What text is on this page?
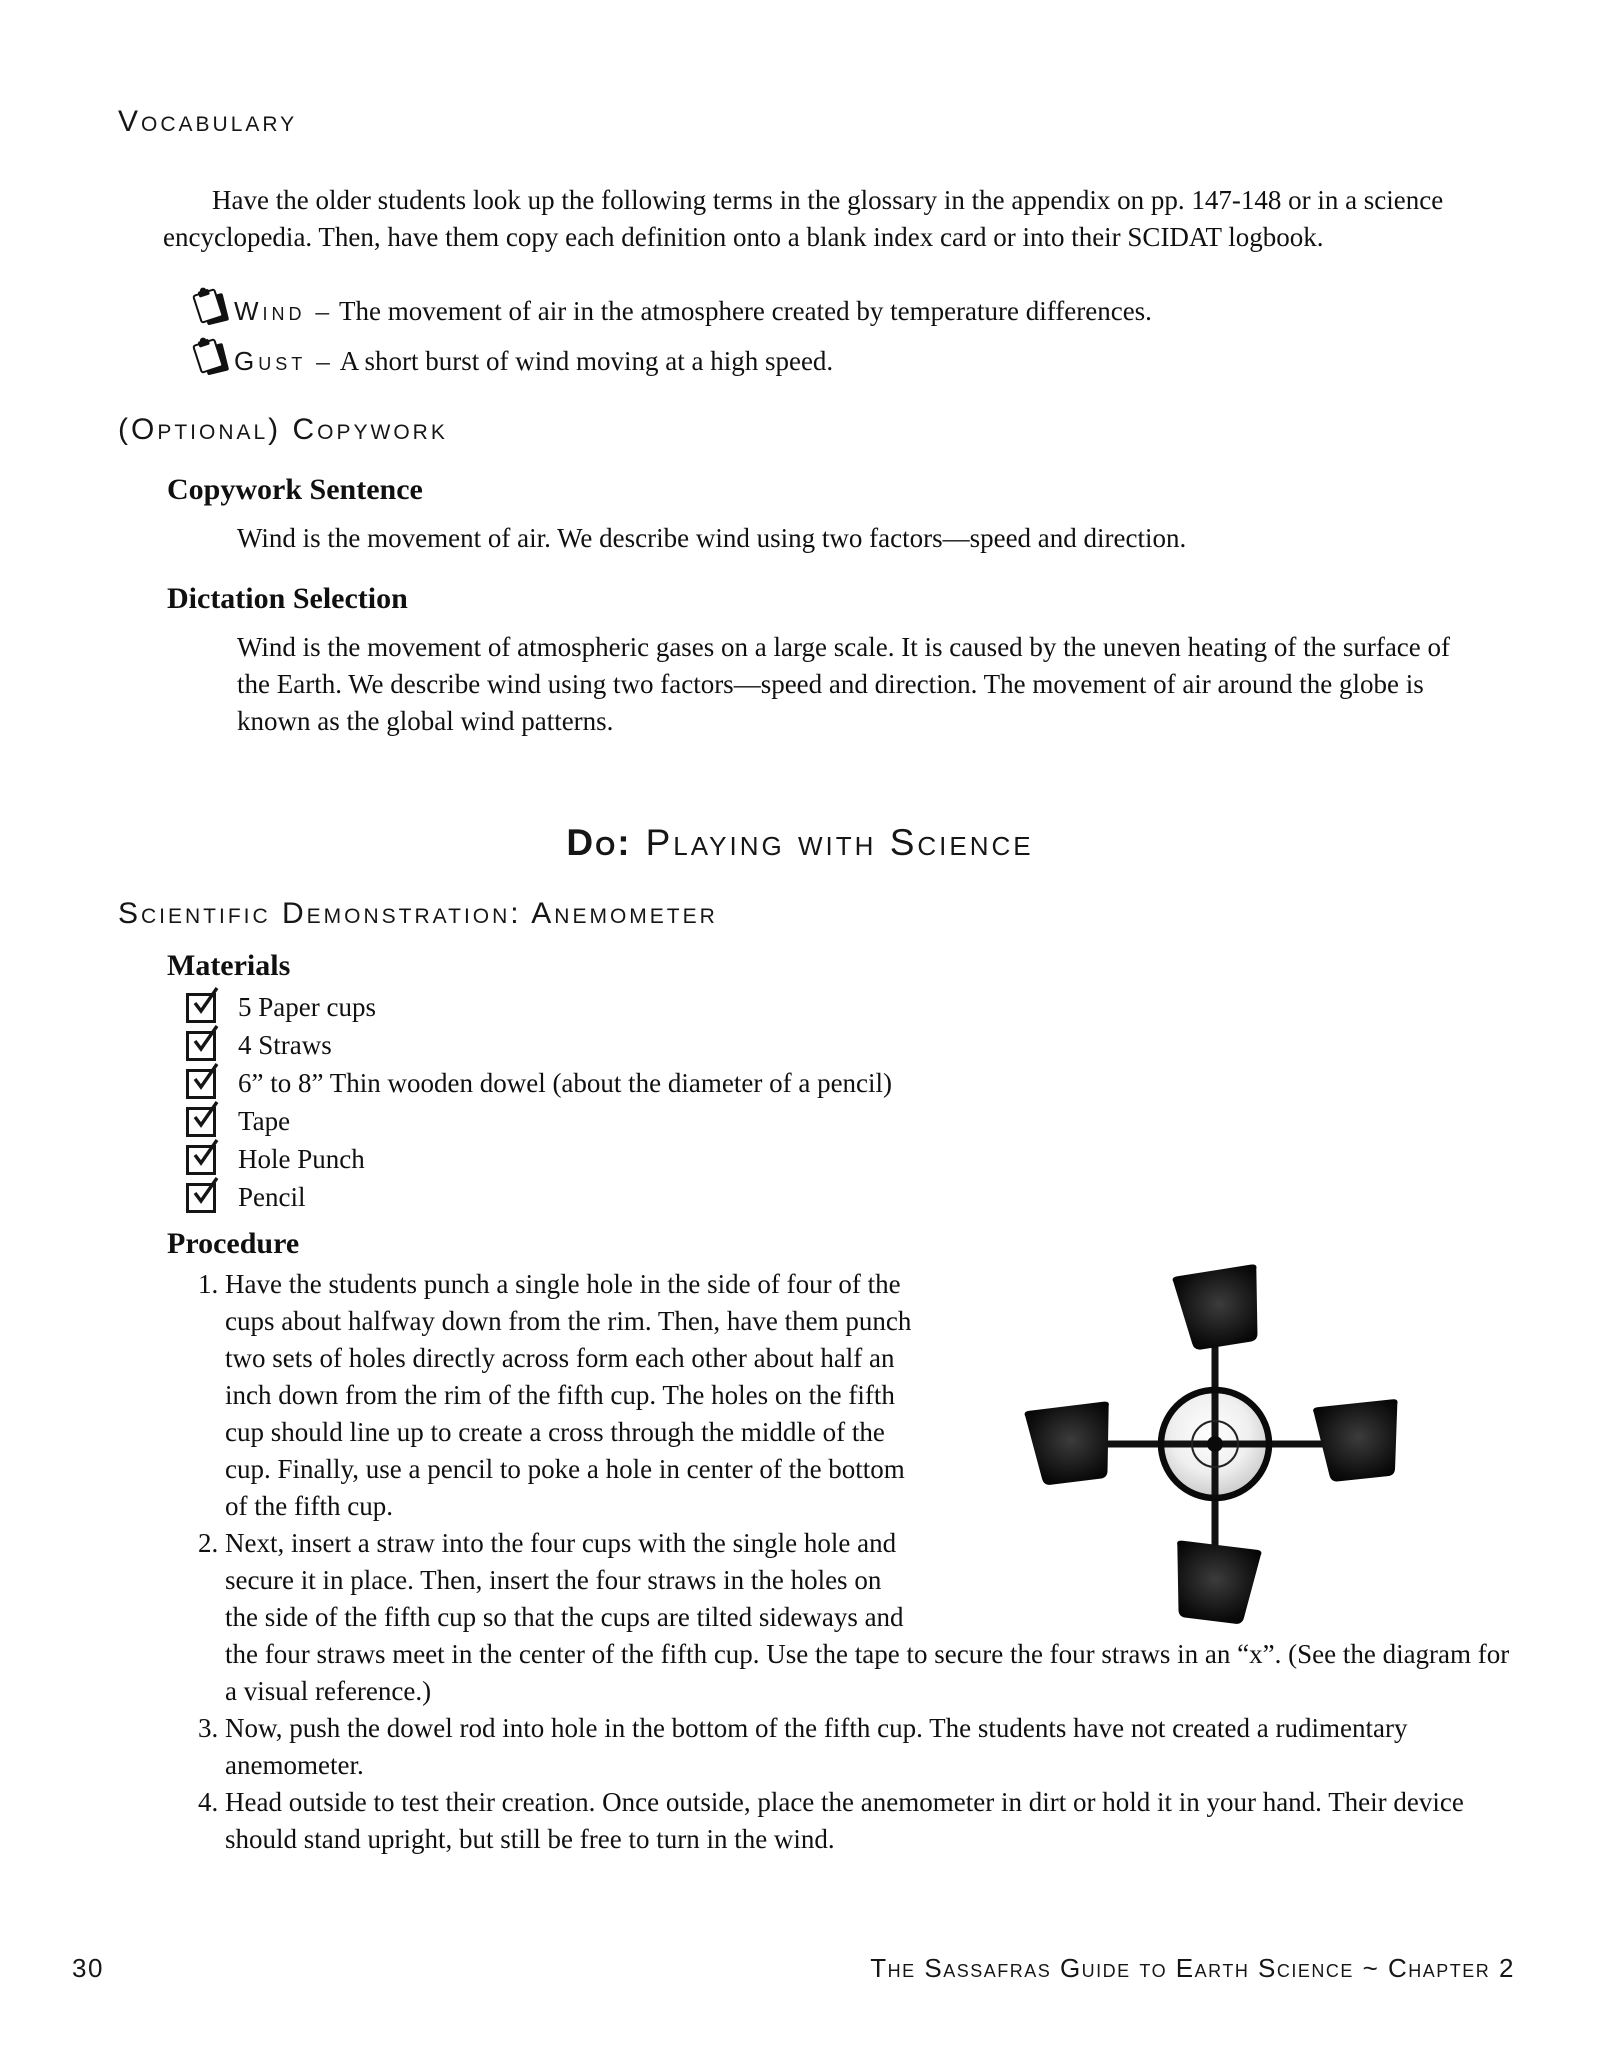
Vocabulary

Have the older students look up the following terms in the glossary in the appendix on pp. 147-148 or in a science encyclopedia. Then, have them copy each definition onto a blank index card or into their SCIDAT logbook.

Wind – The movement of air in the atmosphere created by temperature differences.
Gust – A short burst of wind moving at a high speed.
(Optional) Copywork
Copywork Sentence

Wind is the movement of air. We describe wind using two factors—speed and direction.

Dictation Selection

Wind is the movement of atmospheric gases on a large scale. It is caused by the uneven heating of the surface of the Earth. We describe wind using two factors—speed and direction. The movement of air around the globe is known as the global wind patterns.

Do: Playing with Science
Scientific Demonstration: Anemometer
Materials
5 Paper cups
4 Straws
6” to 8” Thin wooden dowel (about the diameter of a pencil)
Tape
Hole Punch
Pencil
Procedure
1. Have the students punch a single hole in the side of four of the cups about halfway down from the rim. Then, have them punch two sets of holes directly across form each other about half an inch down from the rim of the fifth cup. The holes on the fifth cup should line up to create a cross through the middle of the cup. Finally, use a pencil to poke a hole in center of the bottom of the fifth cup.
2. Next, insert a straw into the four cups with the single hole and secure it in place. Then, insert the four straws in the holes on the side of the fifth cup so that the cups are tilted sideways and the four straws meet in the center of the fifth cup. Use the tape to secure the four straws in an “x”. (See the diagram for a visual reference.)
3. Now, push the dowel rod into hole in the bottom of the fifth cup. The students have not created a rudimentary anemometer.
4. Head outside to test their creation. Once outside, place the anemometer in dirt or hold it in your hand. Their device should stand upright, but still be free to turn in the wind.
30	The Sassafras Guide to Earth Science ~ Chapter 2
